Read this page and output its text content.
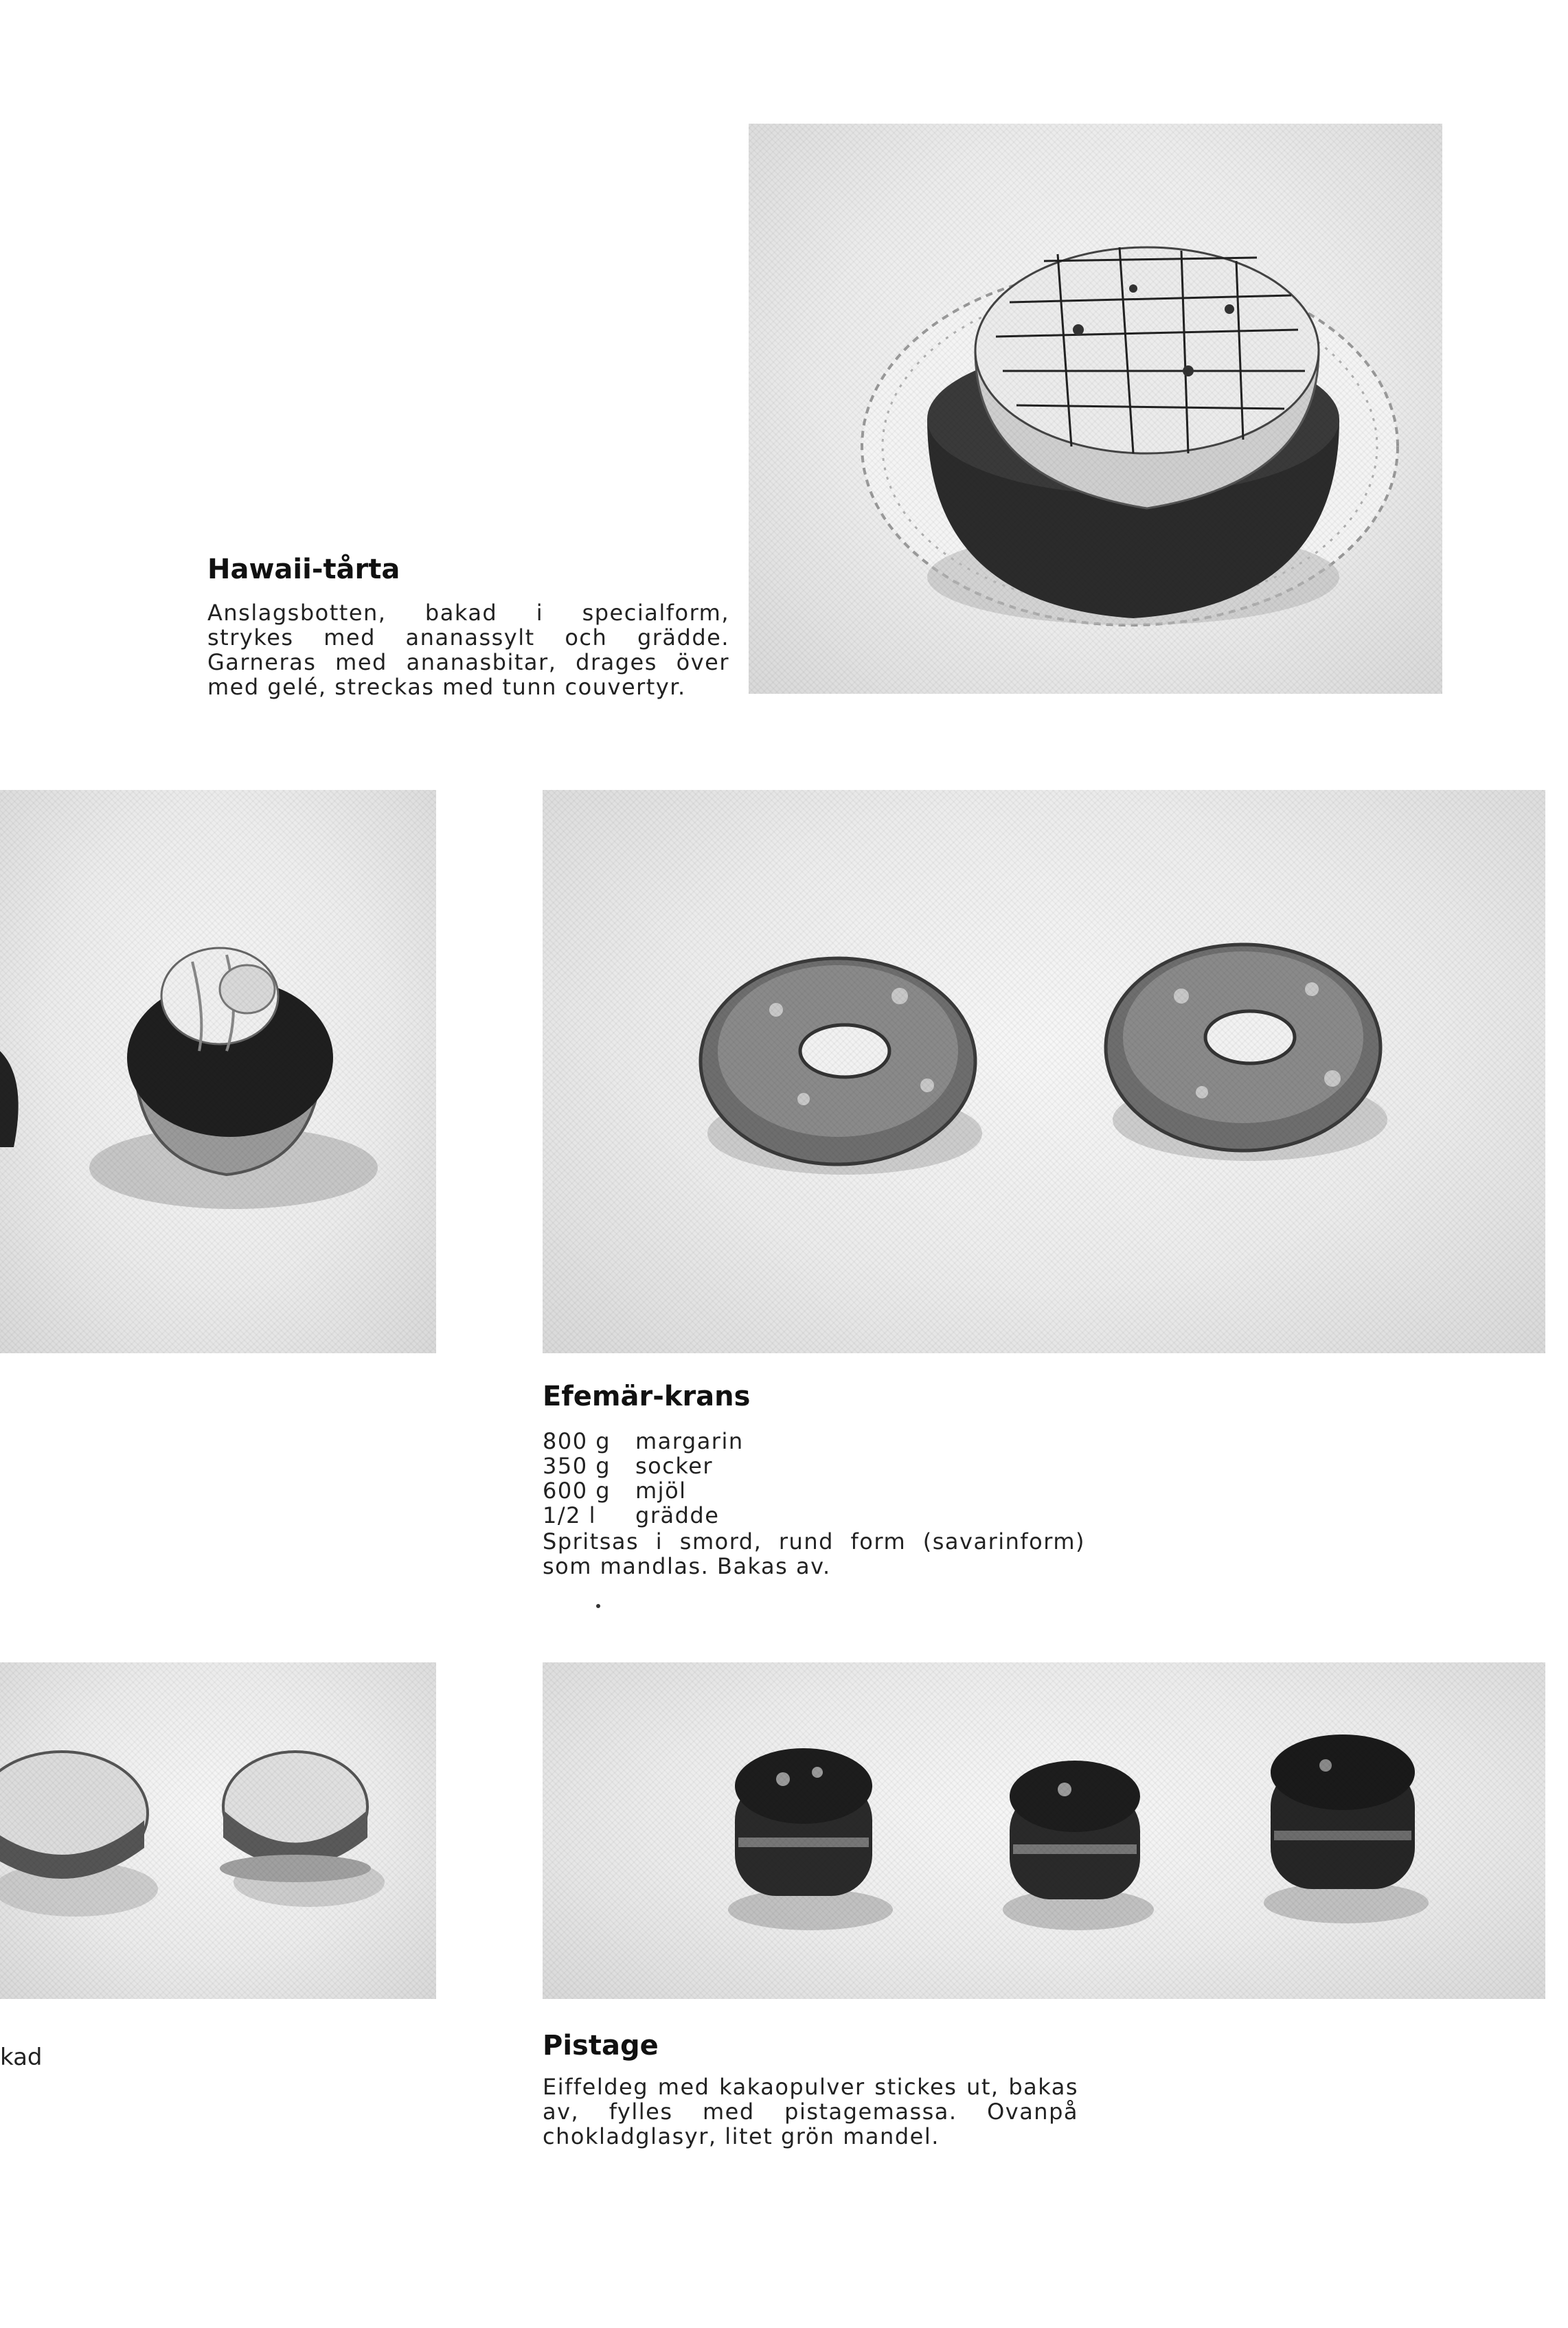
Hawaii-tårta

Anslagsbotten, bakad i specialform, strykes med ananassylt och grädde. Garneras med ananasbitar, drages över med gelé, streckas med tunn couvertyr.

Efemär-krans
800 g margarin
350 g socker
600 g mjöl
1/2 l grädde

Spritsas i smord, rund form (savarinform) som mandlas. Bakas av.

kad	Pistage

Eiffeldeg med kakaopulver stickes ut, bakas av, fylles med pistagemassa. Ovanpå chokladglasyr, litet grön mandel.
